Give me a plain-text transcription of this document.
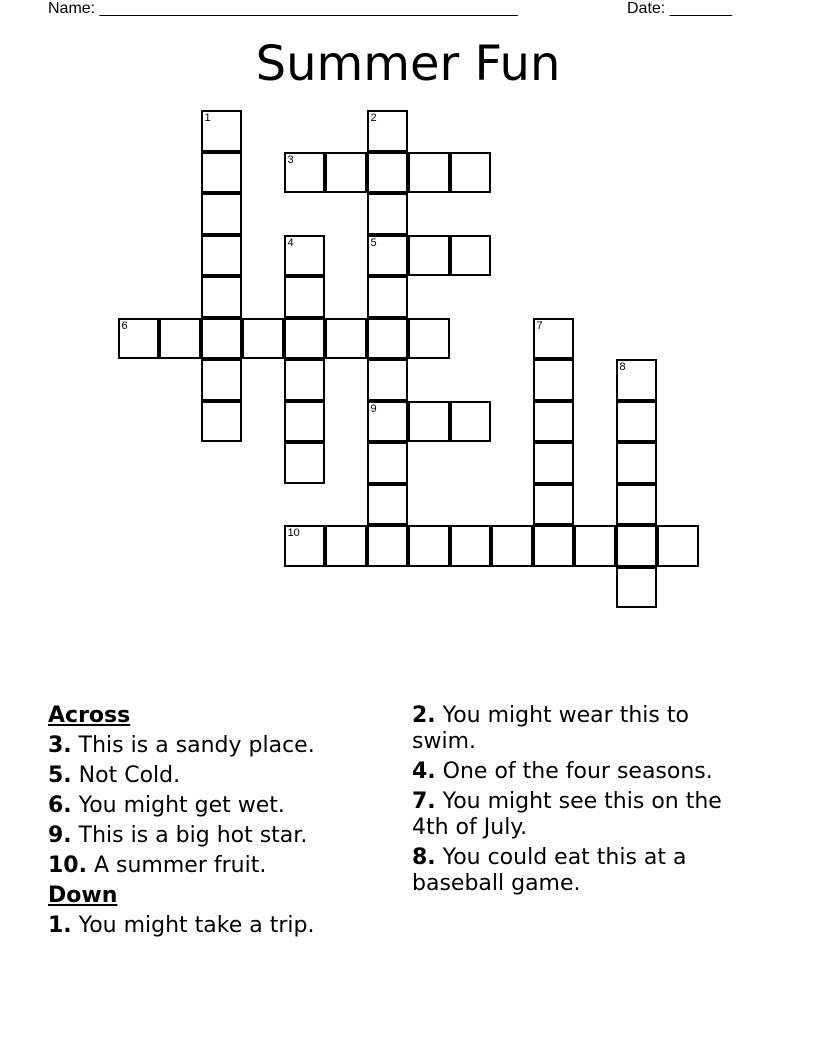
Name: _______________________________________________	Date: _______
Summer Fun
1	2
3
4	5
6	7
8
9
10
Across
3. This is a sandy place.
5. Not Cold.
6. You might get wet.
9. This is a big hot star.
10. A summer fruit.
Down
1. You might take a trip.
2. You might wear this to swim.
4. One of the four seasons.
7. You might see this on the 4th of July.
8. You could eat this at a baseball game.
